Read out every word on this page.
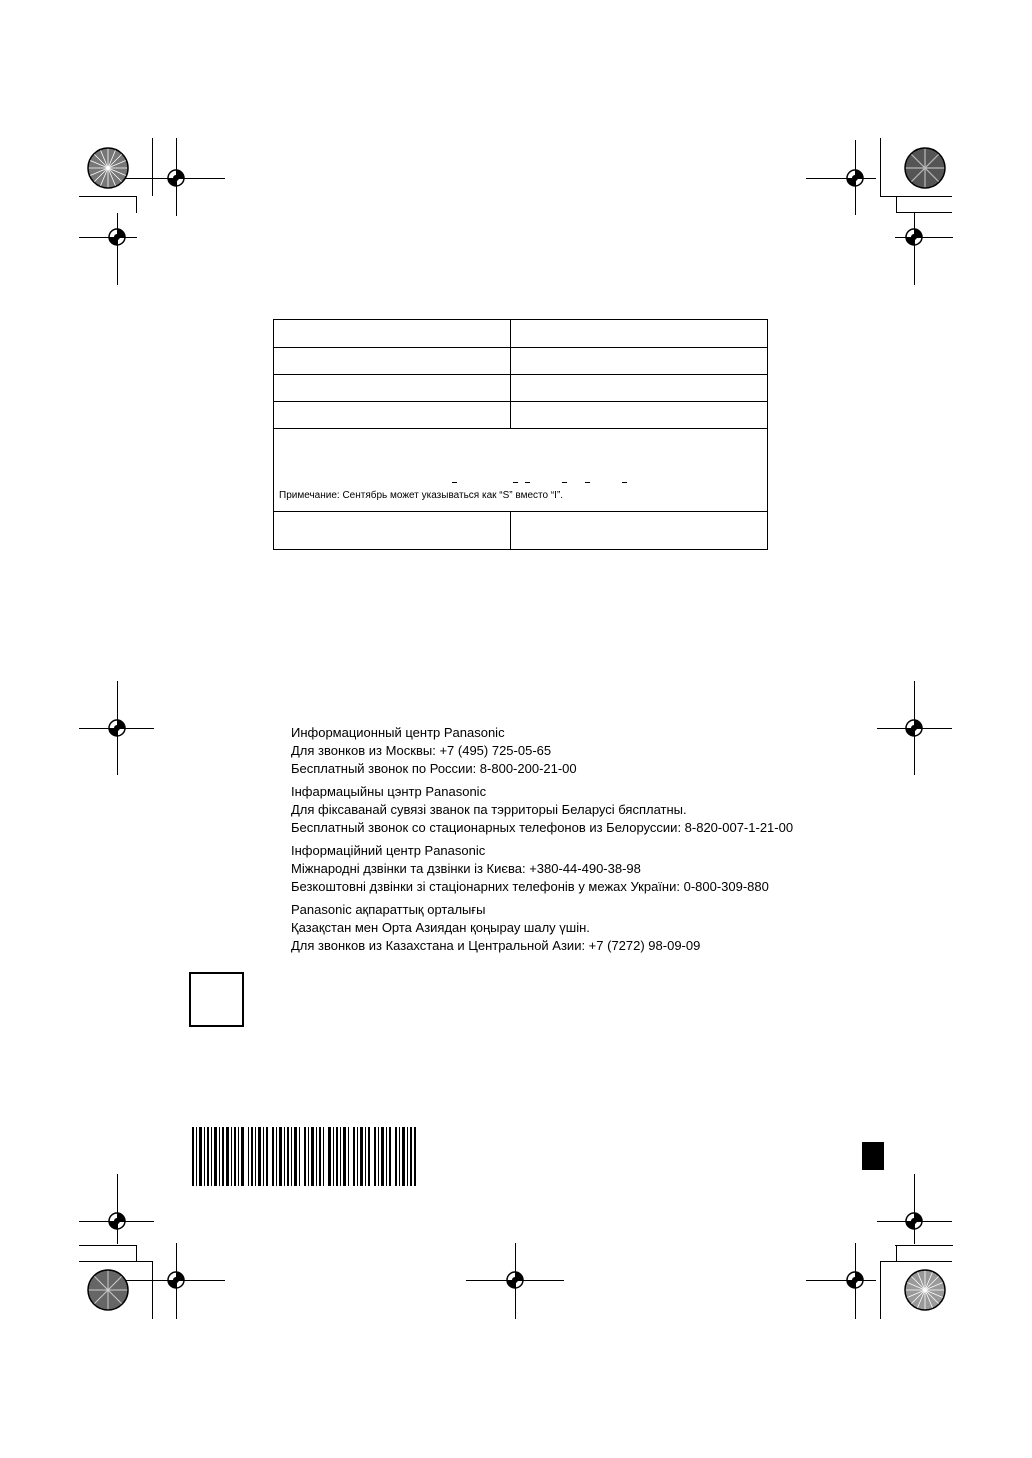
Примечание: Сентябрь может указываться как “S” вместо “I”.
Информационный центр Panasonic
Для звонков из Москвы: +7 (495) 725-05-65
Бесплатный звонок по России: 8-800-200-21-00
Інфармацыйны цэнтр Panasonic
Для фіксаванай сувязі званок па тэрриторыі Беларусі бясплатны.
Бесплатный звонок со стационарных телефонов из Белоруссии: 8-820-007-1-21-00
Інформаційний центр Panasonic
Міжнародні дзвінки та дзвінки із Києва: +380-44-490-38-98
Безкоштовні дзвінки зі стаціонарних телефонів у межах України: 0-800-309-880
Panasonic ақпараттық орталығы
Қазақстан мен Орта Азиядан қоңырау шалу үшін.
Для звонков из Казахстана и Центральной Азии: +7 (7272) 98-09-09
